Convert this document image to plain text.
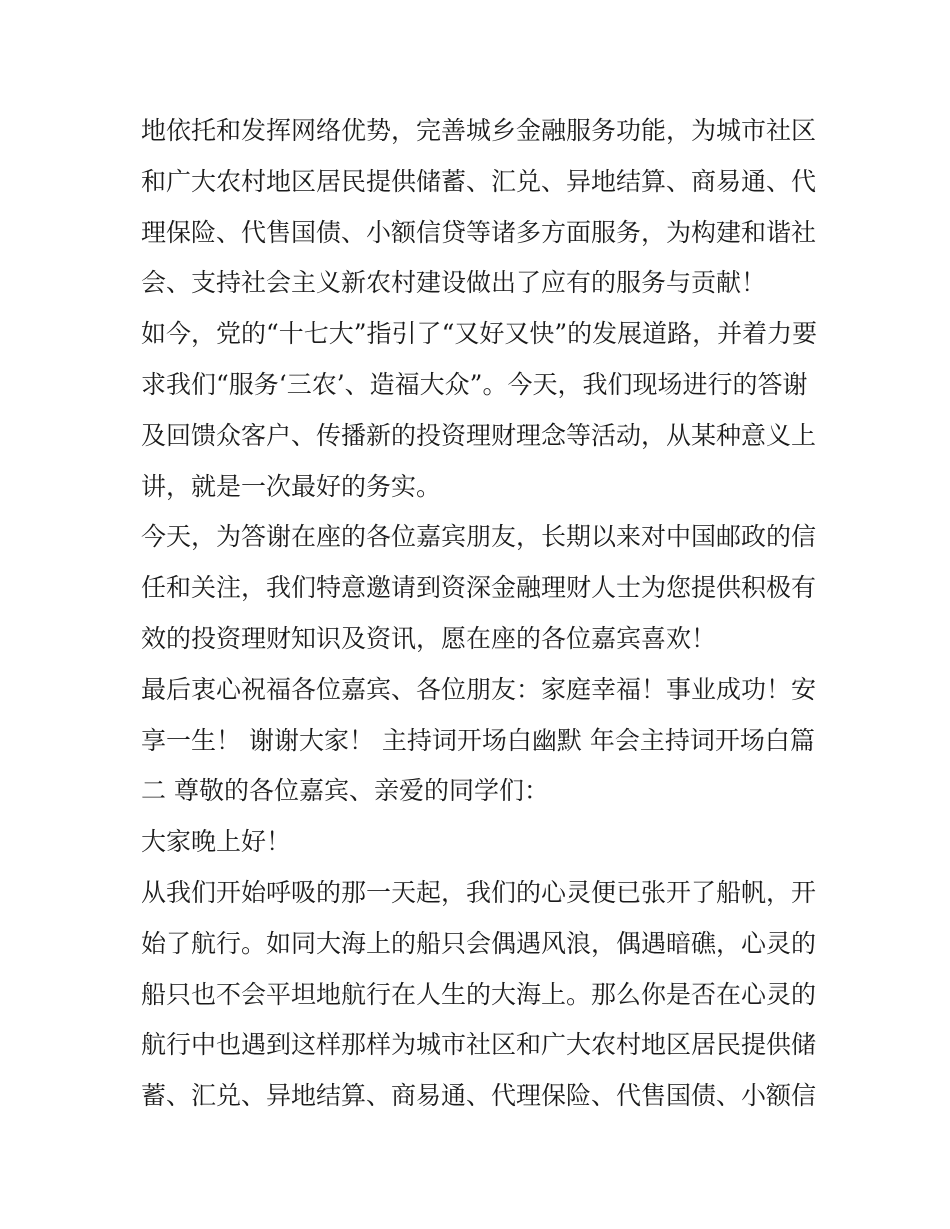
地依托和发挥网络优势，完善城乡金融服务功能，为城市社区
和广大农村地区居民提供储蓄、汇兑、异地结算、商易通、代
理保险、代售国债、小额信贷等诸多方面服务，为构建和谐社
会、支持社会主义新农村建设做出了应有的服务与贡献！
如今，党的“十七大”指引了“又好又快”的发展道路，并着力要
求我们“服务‘三农’、造福大众”。今天，我们现场进行的答谢
及回馈众客户、传播新的投资理财理念等活动，从某种意义上
讲，就是一次最好的务实。
今天，为答谢在座的各位嘉宾朋友，长期以来对中国邮政的信
任和关注，我们特意邀请到资深金融理财人士为您提供积极有
效的投资理财知识及资讯，愿在座的各位嘉宾喜欢！
最后衷心祝福各位嘉宾、各位朋友：家庭幸福！事业成功！安
享一生！ 谢谢大家！ 主持词开场白幽默 年会主持词开场白篇
二 尊敬的各位嘉宾、亲爱的同学们：
大家晚上好！
从我们开始呼吸的那一天起，我们的心灵便已张开了船帆，开
始了航行。如同大海上的船只会偶遇风浪，偶遇暗礁，心灵的
船只也不会平坦地航行在人生的大海上。那么你是否在心灵的
航行中也遇到这样那样为城市社区和广大农村地区居民提供储
蓄、汇兑、异地结算、商易通、代理保险、代售国债、小额信
